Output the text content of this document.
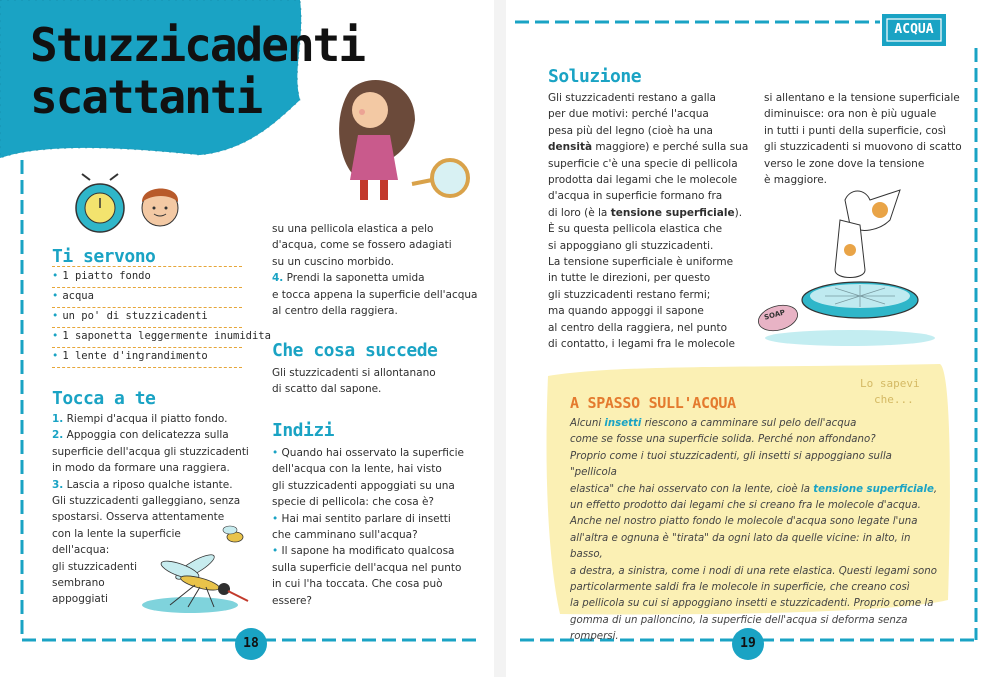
Stuzzicadenti
scattanti
Ti servono
• 1 piatto fondo
• acqua
• un po' di stuzzicadenti
• 1 saponetta leggermente inumidita
• 1 lente d'ingrandimento
Tocca a te

1. Riempi d'acqua il piatto fondo.

2. Appoggia con delicatezza sulla

superficie dell'acqua gli stuzzicadenti

in modo da formare una raggiera.

3. Lascia a riposo qualche istante.

Gli stuzzicadenti galleggiano, senza

spostarsi. Osserva attentamente

con la lente la superficie

dell'acqua:

gli stuzzicadenti

sembrano

appoggiati

su una pellicola elastica a pelo

d'acqua, come se fossero adagiati

su un cuscino morbido.

4. Prendi la saponetta umida

e tocca appena la superficie dell'acqua

al centro della raggiera.

Che cosa succede

Gli stuzzicadenti si allontanano

di scatto dal sapone.

Indizi

• Quando hai osservato la superficie

dell'acqua con la lente, hai visto

gli stuzzicadenti appoggiati su una

specie di pellicola: che cosa è?

• Hai mai sentito parlare di insetti

che camminano sull'acqua?

• Il sapone ha modificato qualcosa

sulla superficie dell'acqua nel punto

in cui l'ha toccata. Che cosa può

essere?

18
ACQUA
Soluzione

Gli stuzzicadenti restano a galla

per due motivi: perché l'acqua

pesa più del legno (cioè ha una

densità maggiore) e perché sulla sua

superficie c'è una specie di pellicola

prodotta dai legami che le molecole

d'acqua in superficie formano fra

di loro (è la tensione superficiale).

È su questa pellicola elastica che

si appoggiano gli stuzzicadenti.

La tensione superficiale è uniforme

in tutte le direzioni, per questo

gli stuzzicadenti restano fermi;

ma quando appoggi il sapone

al centro della raggiera, nel punto

di contatto, i legami fra le molecole

si allentano e la tensione superficiale

diminuisce: ora non è più uguale

in tutti i punti della superficie, così

gli stuzzicadenti si muovono di scatto

verso le zone dove la tensione

è maggiore.

SOAP
Lo sapevi
che...
A SPASSO SULL'ACQUA
Alcuni insetti riescono a camminare sul pelo dell'acqua
come se fosse una superficie solida. Perché non affondano?
Proprio come i tuoi stuzzicadenti, gli insetti si appoggiano sulla "pellicola
elastica" che hai osservato con la lente, cioè la tensione superficiale,
un effetto prodotto dai legami che si creano fra le molecole d'acqua.
Anche nel nostro piatto fondo le molecole d'acqua sono legate l'una
all'altra e ognuna è "tirata" da ogni lato da quelle vicine: in alto, in basso,
a destra, a sinistra, come i nodi di una rete elastica. Questi legami sono
particolarmente saldi fra le molecole in superficie, che creano così
la pellicola su cui si appoggiano insetti e stuzzicadenti. Proprio come la
gomma di un palloncino, la superficie dell'acqua si deforma senza rompersi.	19
